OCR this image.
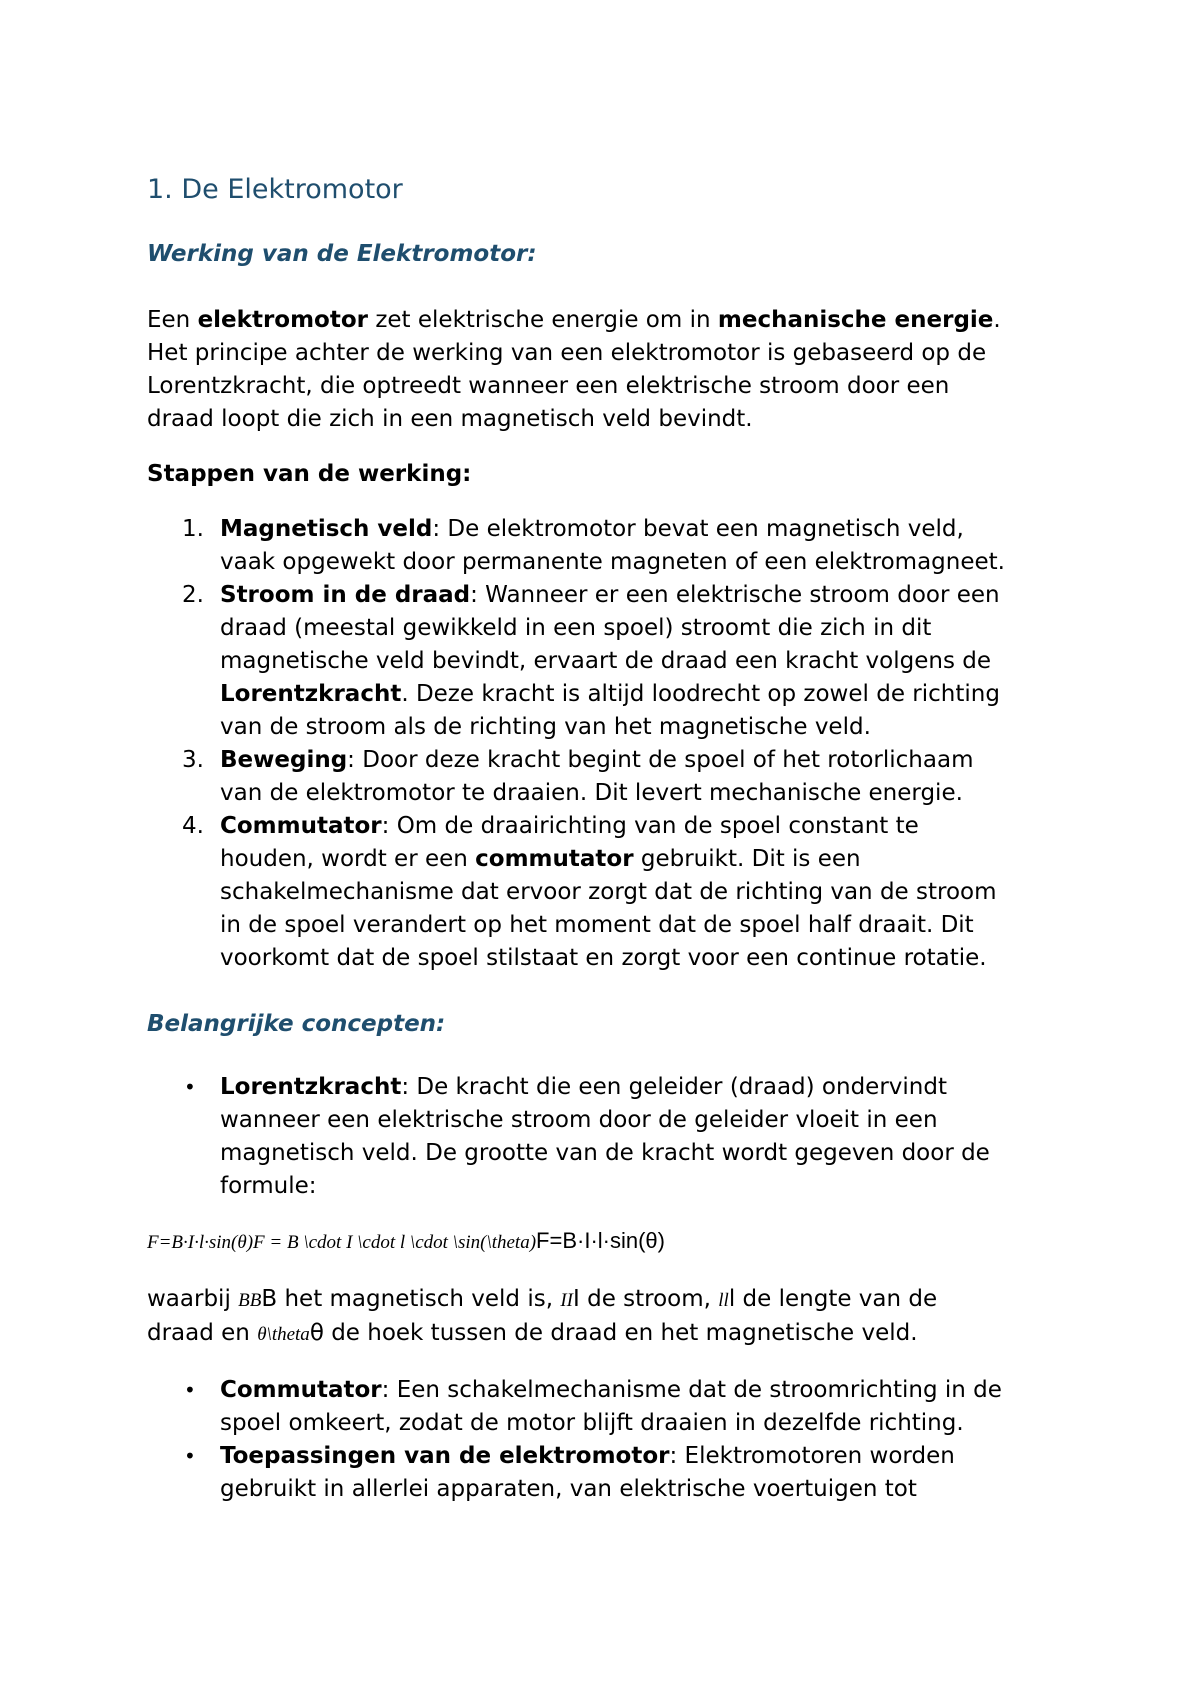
1. De Elektromotor
Werking van de Elektromotor:
Een elektromotor zet elektrische energie om in mechanische energie.
Het principe achter de werking van een elektromotor is gebaseerd op de
Lorentzkracht, die optreedt wanneer een elektrische stroom door een
draad loopt die zich in een magnetisch veld bevindt.
Stappen van de werking:
1. Magnetisch veld: De elektromotor bevat een magnetisch veld,
vaak opgewekt door permanente magneten of een elektromagneet.
2. Stroom in de draad: Wanneer er een elektrische stroom door een
draad (meestal gewikkeld in een spoel) stroomt die zich in dit
magnetische veld bevindt, ervaart de draad een kracht volgens de
Lorentzkracht. Deze kracht is altijd loodrecht op zowel de richting
van de stroom als de richting van het magnetische veld.
3. Beweging: Door deze kracht begint de spoel of het rotorlichaam
van de elektromotor te draaien. Dit levert mechanische energie.
4. Commutator: Om de draairichting van de spoel constant te
houden, wordt er een commutator gebruikt. Dit is een
schakelmechanisme dat ervoor zorgt dat de richting van de stroom
in de spoel verandert op het moment dat de spoel half draait. Dit
voorkomt dat de spoel stilstaat en zorgt voor een continue rotatie.
Belangrijke concepten:
• Lorentzkracht: De kracht die een geleider (draad) ondervindt
wanneer een elektrische stroom door de geleider vloeit in een
magnetisch veld. De grootte van de kracht wordt gegeven door de
formule:
F=B·I·l·sin(θ)F = B \cdot I \cdot l \cdot \sin(\theta)F=B·I·l·sin(θ)
waarbij BBB het magnetisch veld is, III de stroom, lll de lengte van de
draad en θ\thetaθ de hoek tussen de draad en het magnetische veld.
• Commutator: Een schakelmechanisme dat de stroomrichting in de
spoel omkeert, zodat de motor blijft draaien in dezelfde richting.
• Toepassingen van de elektromotor: Elektromotoren worden
gebruikt in allerlei apparaten, van elektrische voertuigen tot
